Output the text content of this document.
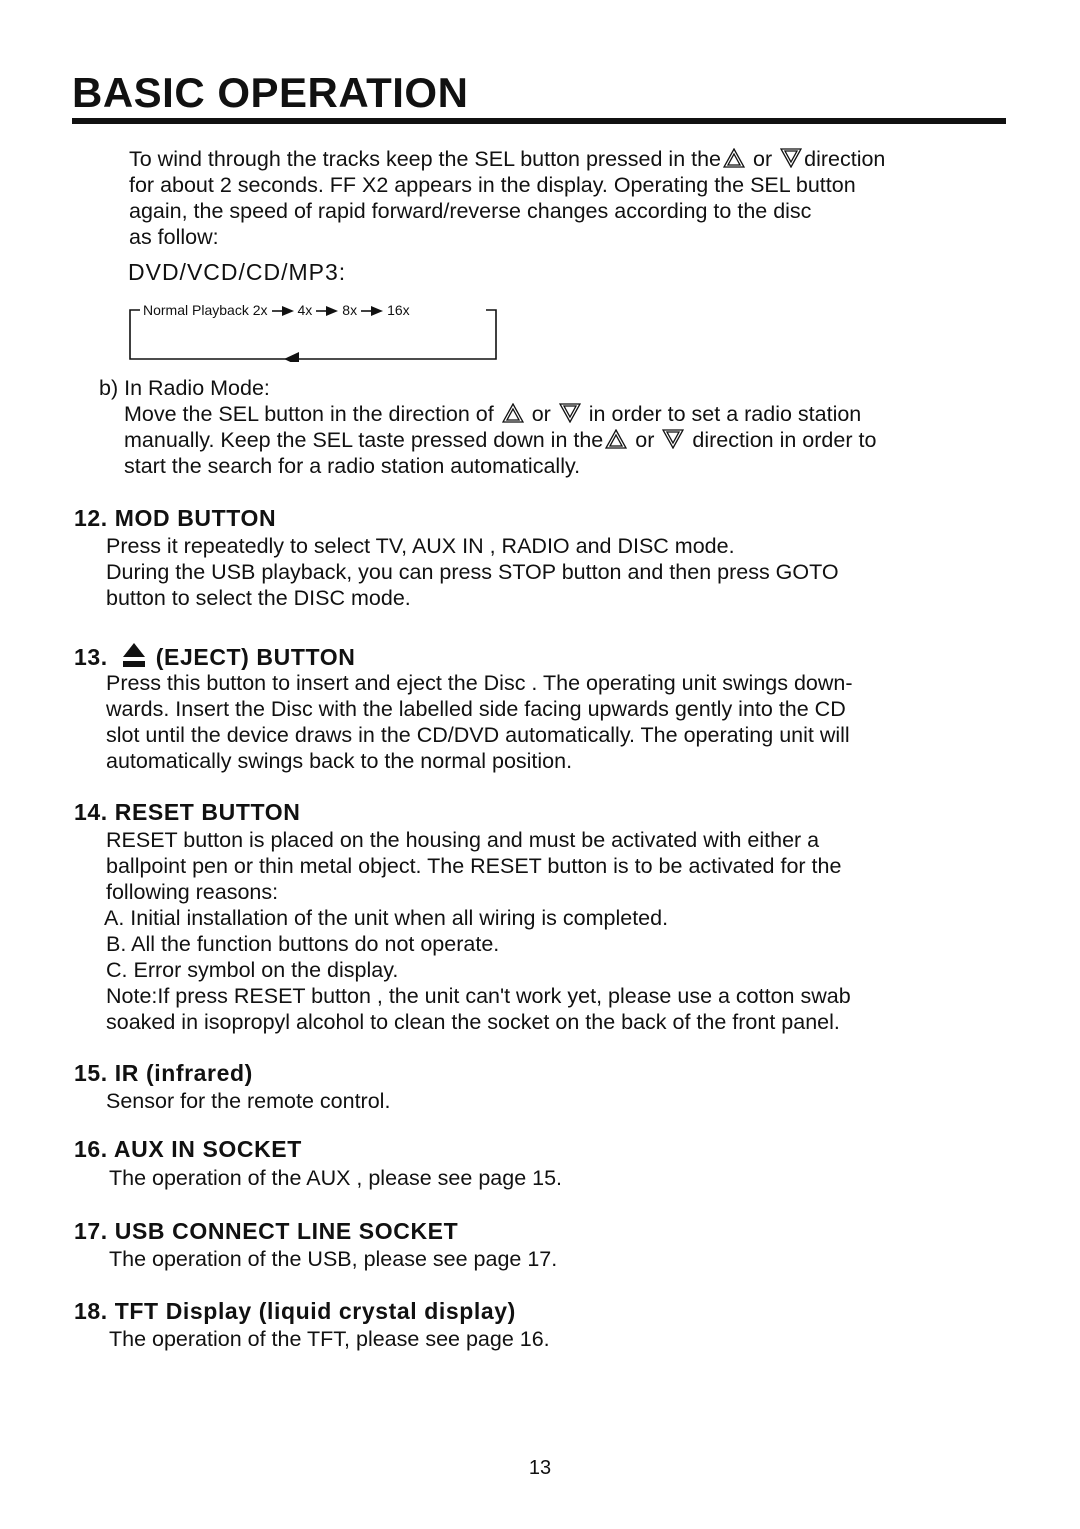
BASIC OPERATION
To wind through the tracks keep the SEL button pressed in the or direction
for about 2 seconds. FF X2 appears in the display. Operating the SEL button
again, the speed of rapid forward/reverse changes according to the disc
as follow:
DVD/VCD/CD/MP3:
Normal Playback 2x 4x 8x 16x
b) In Radio Mode:
Move the SEL button in the direction of or in order to set a radio station
manually. Keep the SEL taste pressed down in the or direction in order to
start the search for a radio station automatically.
12. MOD BUTTON
Press it repeatedly to select TV, AUX IN , RADIO and DISC mode.
During the USB playback, you can press STOP button and then press GOTO
button to select the DISC mode.
13. (EJECT) BUTTON
Press this button to insert and eject the Disc . The operating unit swings down-
wards. Insert the Disc with the labelled side facing upwards gently into the CD
slot until the device draws in the CD/DVD automatically. The operating unit will
automatically swings back to the normal position.
14. RESET BUTTON
RESET button is placed on the housing and must be activated with either a
ballpoint pen or thin metal object. The RESET button is to be activated for the
following reasons:
A. Initial installation of the unit when all wiring is completed.
B. All the function buttons do not operate.
C. Error symbol on the display.
Note:If press RESET button , the unit can't work yet, please use a cotton swab
soaked in isopropyl alcohol to clean the socket on the back of the front panel.
15. IR (infrared)
Sensor for the remote control.
16. AUX IN SOCKET
The operation of the AUX , please see page 15.
17. USB CONNECT LINE SOCKET
The operation of the USB, please see page 17.
18. TFT Display (liquid crystal display)
The operation of the TFT, please see page 16.
13
